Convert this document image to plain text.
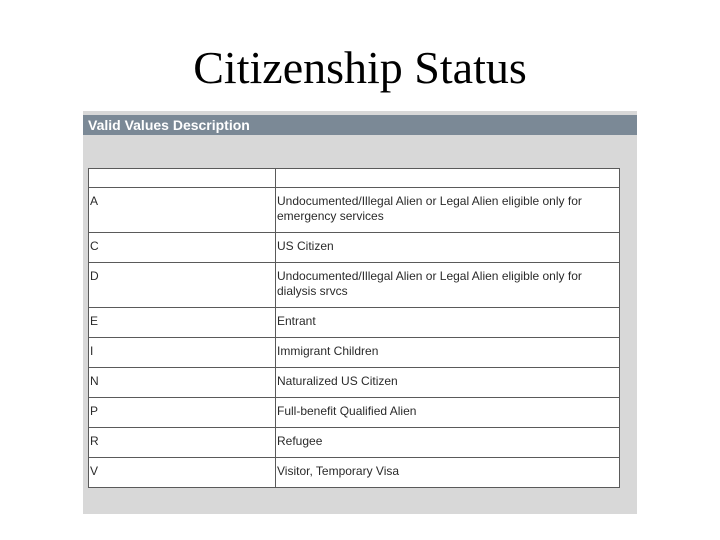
Citizenship Status
Valid Values Description

A	Undocumented/Illegal Alien or Legal Alien eligible only for emergency services
C	US Citizen
D	Undocumented/Illegal Alien or Legal Alien eligible only for dialysis srvcs
E	Entrant
I	Immigrant Children
N	Naturalized US Citizen
P	Full-benefit Qualified Alien
R	Refugee
V	Visitor, Temporary Visa
